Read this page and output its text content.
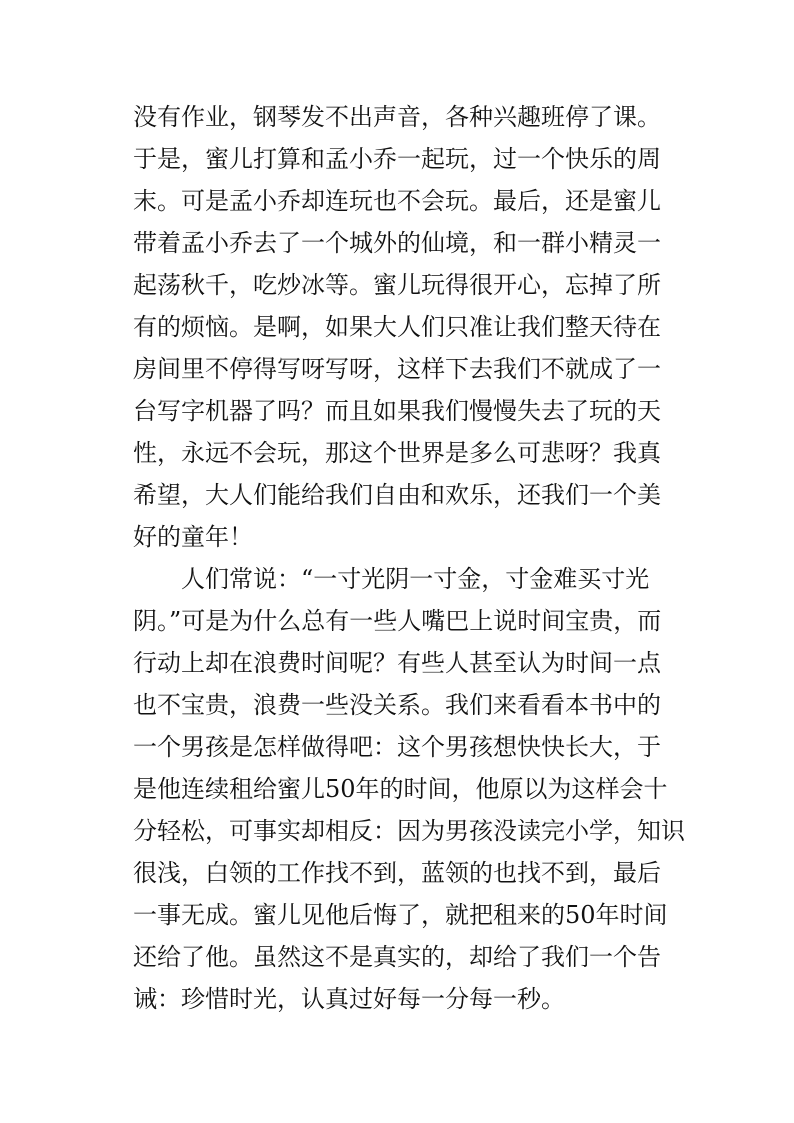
没有作业，钢琴发不出声音，各种兴趣班停了课。
于是，蜜儿打算和孟小乔一起玩，过一个快乐的周
末。可是孟小乔却连玩也不会玩。最后，还是蜜儿
带着孟小乔去了一个城外的仙境，和一群小精灵一
起荡秋千，吃炒冰等。蜜儿玩得很开心，忘掉了所
有的烦恼。是啊，如果大人们只准让我们整天待在
房间里不停得写呀写呀，这样下去我们不就成了一
台写字机器了吗？而且如果我们慢慢失去了玩的天
性，永远不会玩，那这个世界是多么可悲呀？我真
希望，大人们能给我们自由和欢乐，还我们一个美
好的童年！
人们常说：“一寸光阴一寸金，寸金难买寸光
阴。”可是为什么总有一些人嘴巴上说时间宝贵，而
行动上却在浪费时间呢？有些人甚至认为时间一点
也不宝贵，浪费一些没关系。我们来看看本书中的
一个男孩是怎样做得吧：这个男孩想快快长大，于
是他连续租给蜜儿50年的时间，他原以为这样会十
分轻松，可事实却相反：因为男孩没读完小学，知识
很浅，白领的工作找不到，蓝领的也找不到，最后
一事无成。蜜儿见他后悔了，就把租来的50年时间
还给了他。虽然这不是真实的，却给了我们一个告
诫：珍惜时光，认真过好每一分每一秒。
